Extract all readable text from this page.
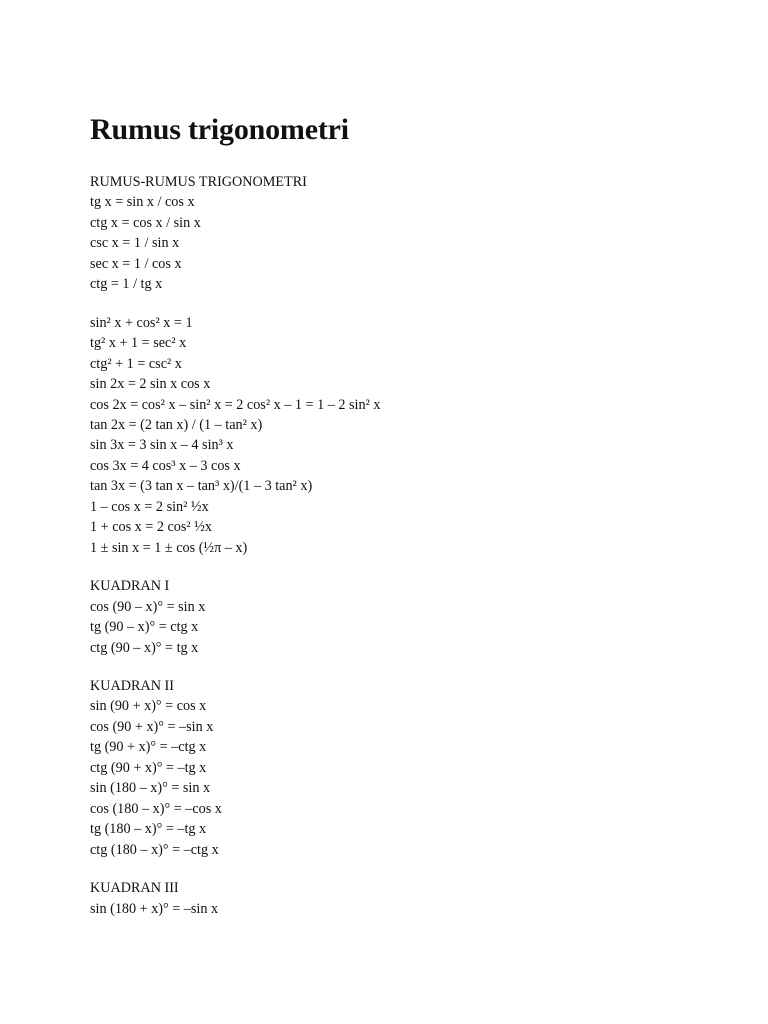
Rumus trigonometri
RUMUS-RUMUS TRIGONOMETRI
tg x = sin x / cos x
ctg x = cos x / sin x
csc x = 1 / sin x
sec x = 1 / cos x
ctg = 1 / tg x
sin² x + cos² x = 1
tg² x + 1 = sec² x
ctg² + 1 = csc² x
sin 2x = 2 sin x cos x
cos 2x = cos² x – sin² x = 2 cos² x – 1 = 1 – 2 sin² x
tan 2x = (2 tan x) / (1 – tan² x)
sin 3x = 3 sin x – 4 sin³ x
cos 3x = 4 cos³ x – 3 cos x
tan 3x = (3 tan x – tan³ x)/(1 – 3 tan² x)
1 – cos x = 2 sin² ½x
1 + cos x = 2 cos² ½x
1 ± sin x = 1 ± cos (½π – x)
KUADRAN I
cos (90 – x)° = sin x
tg (90 – x)° = ctg x
ctg (90 – x)° = tg x
KUADRAN II
sin (90 + x)° = cos x
cos (90 + x)° = –sin x
tg (90 + x)° = –ctg x
ctg (90 + x)° = –tg x
sin (180 – x)° = sin x
cos (180 – x)° = –cos x
tg (180 – x)° = –tg x
ctg (180 – x)° = –ctg x
KUADRAN III
sin (180 + x)° = –sin x
